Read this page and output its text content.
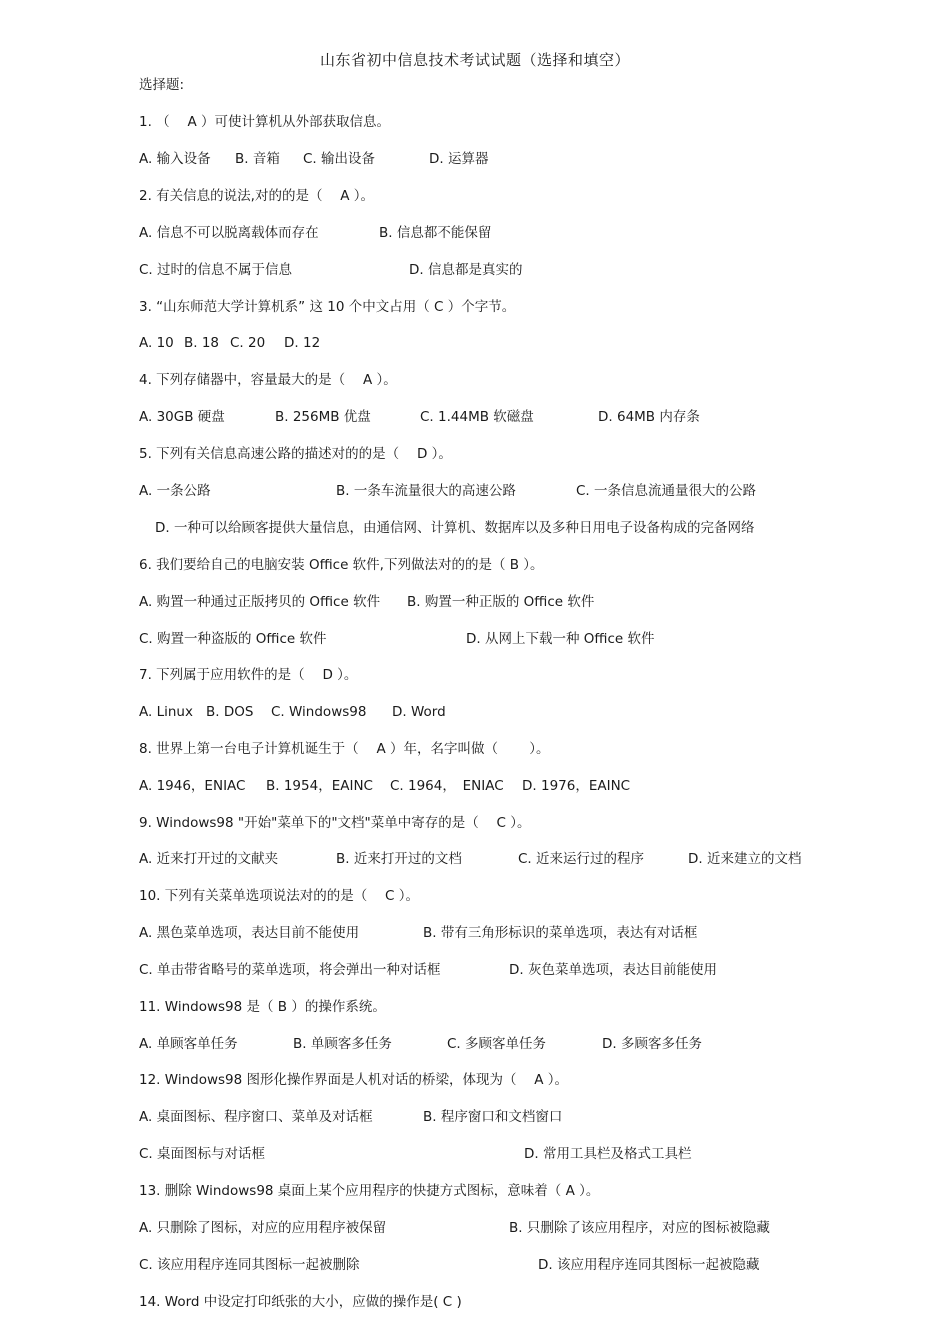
山东省初中信息技术考试试题（选择和填空）
选择题:
1. （　 A ）可使计算机从外部获取信息。
A. 输入设备 B. 音箱 C. 输出设备	D. 运算器
2. 有关信息的说法,对的的是（　 A ）。
A. 信息不可以脱离载体而存在	B. 信息都不能保留
C. 过时的信息不属于信息	D. 信息都是真实的
3. “山东师范大学计算机系” 这 10 个中文占用（ C ）个字节。
A. 10 B. 18 C. 20 D. 12
4. 下列存储器中，容量最大的是（　 A ）。
A. 30GB 硬盘	B. 256MB 优盘	C. 1.44MB 软磁盘	D. 64MB 内存条
5. 下列有关信息高速公路的描述对的的是（　 D ）。
A. 一条公路	B. 一条车流量很大的高速公路	C. 一条信息流通量很大的公路
D. 一种可以给顾客提供大量信息，由通信网、计算机、数据库以及多种日用电子设备构成的完备网络
6. 我们要给自己的电脑安装 Office 软件,下列做法对的的是（ B ）。
A. 购置一种通过正版拷贝的 Office 软件 B. 购置一种正版的 Office 软件
C. 购置一种盗版的 Office 软件	D. 从网上下载一种 Office 软件
7. 下列属于应用软件的是（　 D ）。
A. Linux B. DOS C. Windows98 D. Word
8. 世界上第一台电子计算机诞生于（　 A ）年，名字叫做（　　 ）。
A. 1946，ENIAC B. 1954，EAINC C. 1964，　ENIAC D. 1976，EAINC
9. Windows98 "开始"菜单下的"文档"菜单中寄存的是（　 C ）。
A. 近来打开过的文献夹	B. 近来打开过的文档	C. 近来运行过的程序	D. 近来建立的文档
10. 下列有关菜单选项说法对的的是（　 C ）。
A. 黑色菜单选项，表达目前不能使用	B. 带有三角形标识的菜单选项，表达有对话框
C. 单击带省略号的菜单选项，将会弹出一种对话框	D. 灰色菜单选项，表达目前能使用
11. Windows98 是（ B ）的操作系统。
A. 单顾客单任务	B. 单顾客多任务	C. 多顾客单任务	D. 多顾客多任务
12. Windows98 图形化操作界面是人机对话的桥梁，体现为（　 A ）。
A. 桌面图标、程序窗口、菜单及对话框	B. 程序窗口和文档窗口
C. 桌面图标与对话框	D. 常用工具栏及格式工具栏
13. 删除 Windows98 桌面上某个应用程序的快捷方式图标，意味着（ A ）。
A. 只删除了图标，对应的应用程序被保留	B. 只删除了该应用程序，对应的图标被隐藏
C. 该应用程序连同其图标一起被删除	D. 该应用程序连同其图标一起被隐藏
14. Word 中设定打印纸张的大小，应做的操作是( C )
